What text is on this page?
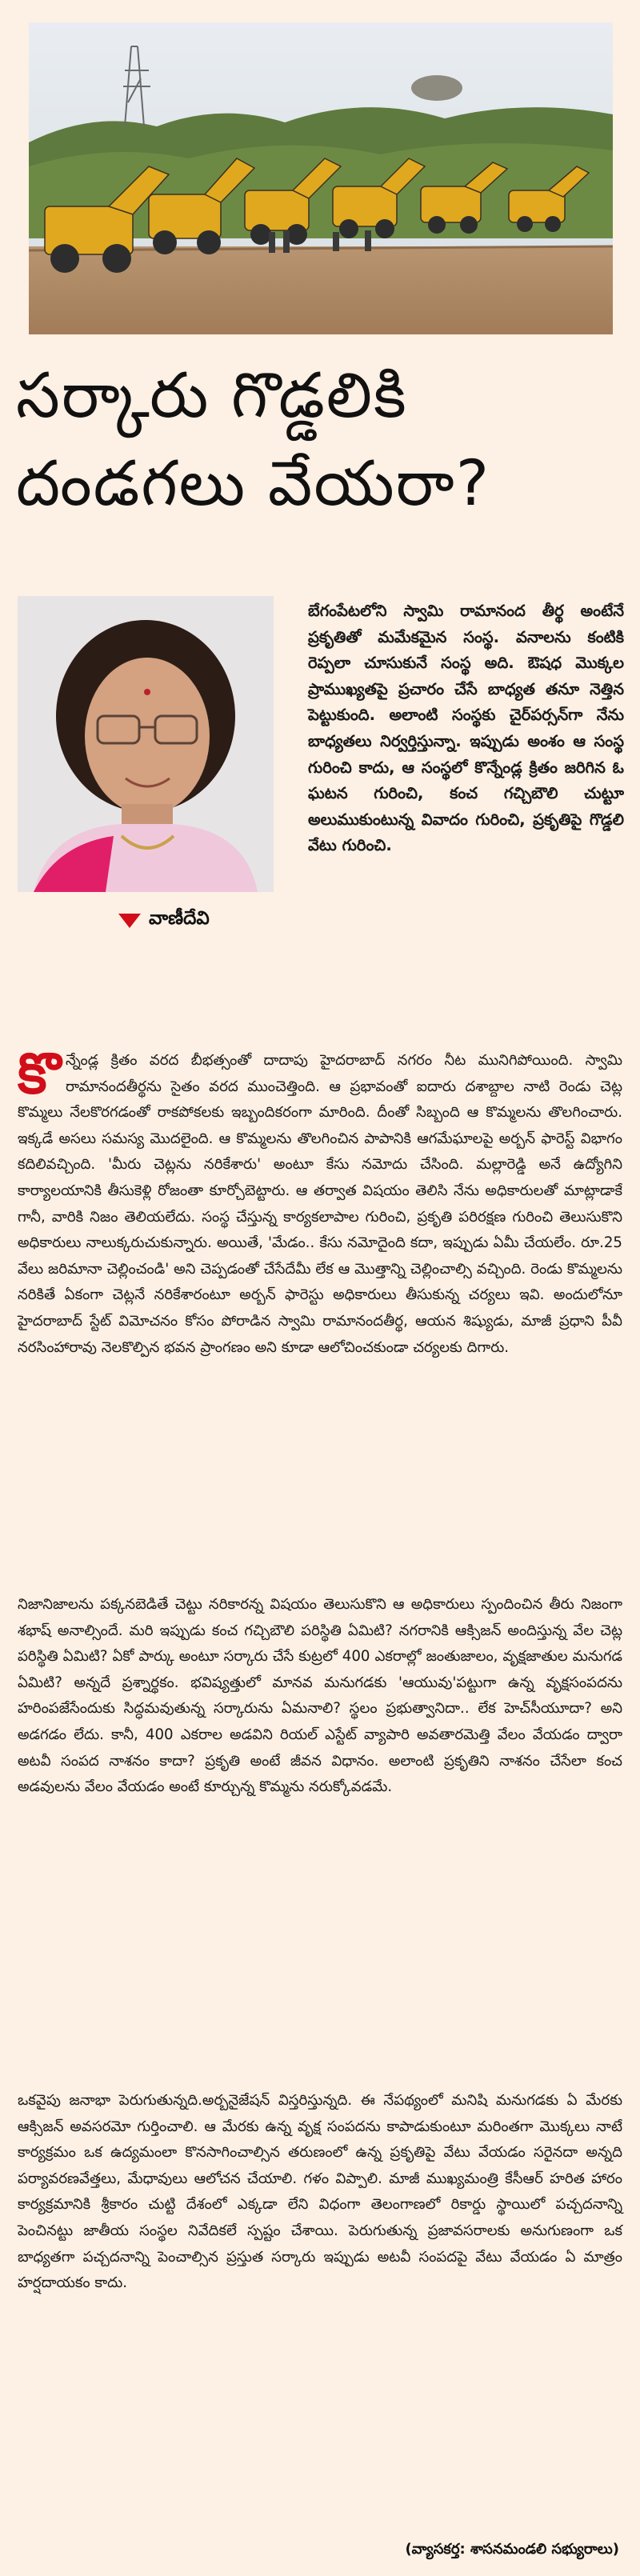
సర్కారు గొడ్డలికి
దండగలు వేయరా?
వాణీదేవి
బేగంపేటలోని స్వామి రామానంద తీర్థ అంటేనే ప్రకృతితో మమేకమైన సంస్థ. వనాలను కంటికి రెప్పలా చూసుకునే సంస్థ అది. ఔషధ మొక్కల ప్రాముఖ్యతపై ప్రచారం చేసే బాధ్యత తనూ నెత్తిన పెట్టుకుంది. అలాంటి సంస్థకు చైర్‌పర్సన్‌గా నేను బాధ్యతలు నిర్వర్తిస్తున్నా. ఇప్పుడు అంశం ఆ సంస్థ గురించి కాదు, ఆ సంస్థలో కొన్నేండ్ల క్రితం జరిగిన ఓ ఘటన గురించి, కంచ గచ్చిబౌలి చుట్టూ అలుముకుంటున్న వివాదం గురించి, ప్రకృతిపై గొడ్డలి వేటు గురించి.
కొన్నేండ్ల క్రితం వరద బీభత్సంతో దాదాపు హైదరాబాద్ నగరం నీట మునిగిపోయింది. స్వామి రామానందతీర్థను సైతం వరద ముంచెత్తింది. ఆ ప్రభావంతో ఐదారు దశాబ్దాల నాటి రెండు చెట్ల కొమ్మలు నేలకొరగడంతో రాకపోకలకు ఇబ్బందికరంగా మారింది. దీంతో సిబ్బంది ఆ కొమ్మలను తొలగించారు. ఇక్కడే అసలు సమస్య మొదలైంది. ఆ కొమ్మలను తొలగించిన పాపానికి ఆగమేఘాలపై అర్బన్ ఫారెస్ట్ విభాగం కదిలివచ్చింది. 'మీరు చెట్లను నరికేశారు' అంటూ కేసు నమోదు చేసింది. మల్లారెడ్డి అనే ఉద్యోగిని కార్యాలయానికి తీసుకెళ్లి రోజంతా కూర్చోబెట్టారు. ఆ తర్వాత విషయం తెలిసి నేను అధికారులతో మాట్లాడాకే గానీ, వారికి నిజం తెలియలేదు. సంస్థ చేస్తున్న కార్యకలాపాల గురించి, ప్రకృతి పరిరక్షణ గురించి తెలుసుకొని అధికారులు నాలుక్కరుచుకున్నారు. అయితే, 'మేడం.. కేసు నమోదైంది కదా, ఇప్పుడు ఏమీ చేయలేం. రూ.25 వేలు జరిమానా చెల్లించండి' అని చెప్పడంతో చేసేదేమీ లేక ఆ మొత్తాన్ని చెల్లించాల్సి వచ్చింది. రెండు కొమ్మలను నరికితే ఏకంగా చెట్లనే నరికేశారంటూ అర్బన్ ఫారెస్టు అధికారులు తీసుకున్న చర్యలు ఇవి. అందులోనూ హైదరాబాద్ స్టేట్ విమోచనం కోసం పోరాడిన స్వామి రామానందతీర్థ, ఆయన శిష్యుడు, మాజీ ప్రధాని పీవీ నరసింహారావు నెలకొల్పిన భవన ప్రాంగణం అని కూడా ఆలోచించకుండా చర్యలకు దిగారు.
నిజానిజాలను పక్కనబెడితే చెట్టు నరికారన్న విషయం తెలుసుకొని ఆ అధికారులు స్పందించిన తీరు నిజంగా శభాష్ అనాల్సిందే. మరి ఇప్పుడు కంచ గచ్చిబౌలి పరిస్థితి ఏమిటి? నగరానికి ఆక్సిజన్ అందిస్తున్న వేల చెట్ల పరిస్థితి ఏమిటి? ఏకో పార్కు అంటూ సర్కారు చేసే కుట్రలో 400 ఎకరాల్లో జంతుజాలం, వృక్షజాతుల మనుగడ ఏమిటి? అన్నదే ప్రశ్నార్థకం. భవిష్యత్తులో మానవ మనుగడకు 'ఆయువు'పట్టుగా ఉన్న వృక్షసంపదను హరింపజేసేందుకు సిద్ధమవుతున్న సర్కారును ఏమనాలి? స్థలం ప్రభుత్వానిదా.. లేక హెచ్‌సీయూదా? అని అడగడం లేదు. కానీ, 400 ఎకరాల అడవిని రియల్ ఎస్టేట్ వ్యాపారి అవతారమెత్తి వేలం వేయడం ద్వారా అటవీ సంపద నాశనం కాదా? ప్రకృతి అంటే జీవన విధానం. అలాంటి ప్రకృతిని నాశనం చేసేలా కంచ అడవులను వేలం వేయడం అంటే కూర్చున్న కొమ్మను నరుక్కోవడమే.
ఒకవైపు జనాభా పెరుగుతున్నది.అర్బనైజేషన్ విస్తరిస్తున్నది. ఈ నేపథ్యంలో మనిషి మనుగడకు ఏ మేరకు ఆక్సిజన్ అవసరమో గుర్తించాలి. ఆ మేరకు ఉన్న వృక్ష సంపదను కాపాడుకుంటూ మరింతగా మొక్కలు నాటే కార్యక్రమం ఒక ఉద్యమంలా కొనసాగించాల్సిన తరుణంలో ఉన్న ప్రకృతిపై వేటు వేయడం సరైనదా అన్నది పర్యావరణవేత్తలు, మేధావులు ఆలోచన చేయాలి. గళం విప్పాలి. మాజీ ముఖ్యమంత్రి కేసీఆర్ హరిత హారం కార్యక్రమానికి శ్రీకారం చుట్టి దేశంలో ఎక్కడా లేని విధంగా తెలంగాణలో రికార్డు స్థాయిలో పచ్చదనాన్ని పెంచినట్టు జాతీయ సంస్థల నివేదికలే స్పష్టం చేశాయి. పెరుగుతున్న ప్రజావసరాలకు అనుగుణంగా ఒక బాధ్యతగా పచ్చదనాన్ని పెంచాల్సిన ప్రస్తుత సర్కారు ఇప్పుడు అటవీ సంపదపై వేటు వేయడం ఏ మాత్రం హర్షదాయకం కాదు.
(వ్యాసకర్త: శాసనమండలి సభ్యురాలు)
